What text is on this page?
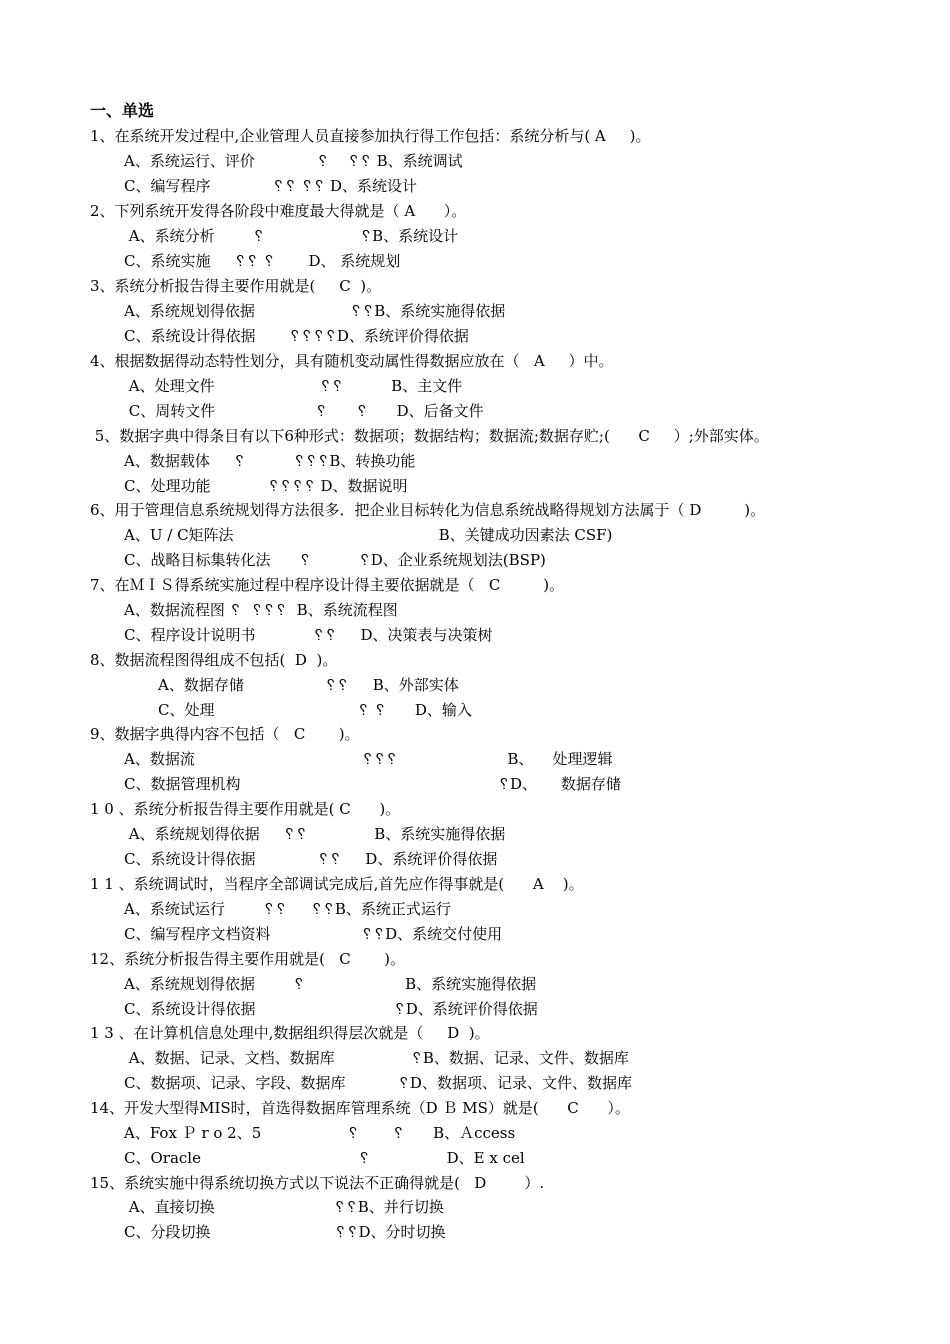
一、单选
1、在系统开发过程中,企业管理人员直接参加执行得工作包括：系统分析与( A     )。
A、系统运行、评价             ␦    ␦␦ B、系统调试
C、编写程序             ␦␦ ␦␦ D、系统设计
2、下列系统开发得各阶段中难度最大得就是（ A      ）。
A、系统分析        ␦                    ␦B、系统设计
C、系统实施     ␦␦ ␦       D、 系统规划
3、系统分析报告得主要作用就是(     C  )。
A、系统规划得依据                    ␦␦B、系统实施得依据
C、系统设计得依据       ␦␦␦␦D、系统评价得依据
4、根据数据得动态特性划分，具有随机变动属性得数据应放在（   A     ）中。
A、处理文件                      ␦␦          B、主文件
C、周转文件                     ␦      ␦      D、后备文件
5、数据字典中得条目有以下6种形式：数据项；数据结构；数据流;数据存贮;(      C     ）;外部实体。
A、数据载体     ␦          ␦␦␦B、转换功能
C、处理功能            ␦␦␦␦ D、数据说明
6、用于管理信息系统规划得方法很多．把企业目标转化为信息系统战略得规划方法属于（ D         )。
A、U / C矩阵法                                           B、关键成功因素法 CSF)
C、战略目标集转化法      ␦          ␦D、企业系统规划法(BSP)
7、在ＭＩＳ得系统实施过程中程序设计得主要依据就是（   C         )。
A、数据流程图 ␦  ␦␦␦  B、系统流程图
C、程序设计说明书            ␦␦     D、决策表与决策树
8、数据流程图得组成不包括(  D  )。
A、数据存储                 ␦␦     B、外部实体
C、处理                              ␦ ␦      D、输入
9、数据字典得内容不包括（   C       )。
A、数据流                                   ␦␦␦                       B、    处理逻辑
C、数据管理机构                                                      ␦D、     数据存储
1 0 、系统分析报告得主要作用就是( C      )。
A、系统规划得依据     ␦␦              B、系统实施得依据
C、系统设计得依据             ␦␦     D、系统评价得依据
1 1 、系统调试时，当程序全部调试完成后,首先应作得事就是(      A    )。
A、系统试运行        ␦␦     ␦␦B、系统正式运行
C、编写程序文档资料                   ␦␦D、系统交付使用
12、系统分析报告得主要作用就是(   C       )。
A、系统规划得依据        ␦                     B、系统实施得依据
C、系统设计得依据                             ␦D、系统评价得依据
1 3 、在计算机信息处理中,数据组织得层次就是（     D  )。
A、数据、记录、文档、数据库                ␦B、数据、记录、文件、数据库
C、数据项、记录、字段、数据库           ␦D、数据项、记录、文件、数据库
14、开发大型得MIS时，首选得数据库管理系统（D Ｂ MS）就是(      C      ）。
A、Fox Ｐ r o 2、5                  ␦       ␦      B、Ａccess
C、Oracle                                 ␦                D、E x cel
15、系统实施中得系统切换方式以下说法不正确得就是(   D        ）.
A、直接切换                         ␦␦B、并行切换
C、分段切换                          ␦␦D、分时切换
